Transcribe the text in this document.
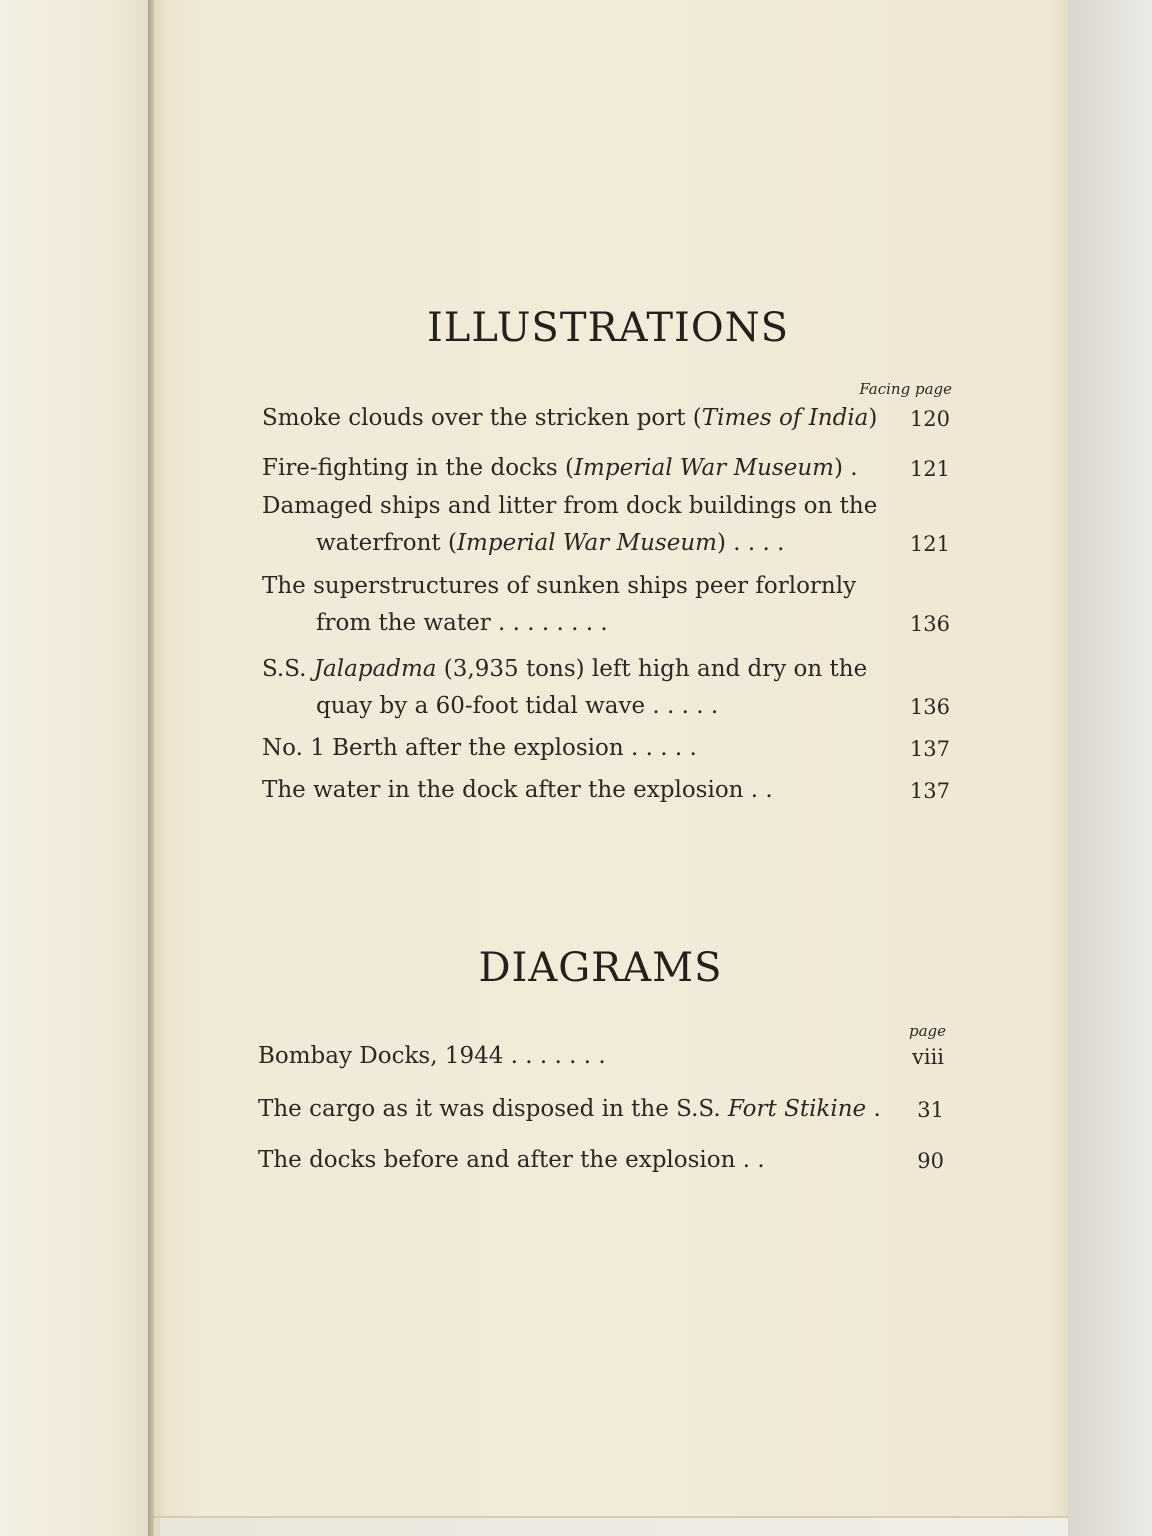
ILLUSTRATIONS
Facing page
Smoke clouds over the stricken port (Times of India)	120
Fire-fighting in the docks (Imperial War Museum) .	121
Damaged ships and litter from dock buildings on the
waterfront (Imperial War Museum) . . . .	121
The superstructures of sunken ships peer forlornly
from the water . . . . . . . .	136
S.S. Jalapadma (3,935 tons) left high and dry on the
quay by a 60-foot tidal wave . . . . .	136
No. 1 Berth after the explosion . . . . .	137
The water in the dock after the explosion . .	137
DIAGRAMS
page
Bombay Docks, 1944 . . . . . . .	viii
The cargo as it was disposed in the S.S. Fort Stikine .	31
The docks before and after the explosion . .	90
